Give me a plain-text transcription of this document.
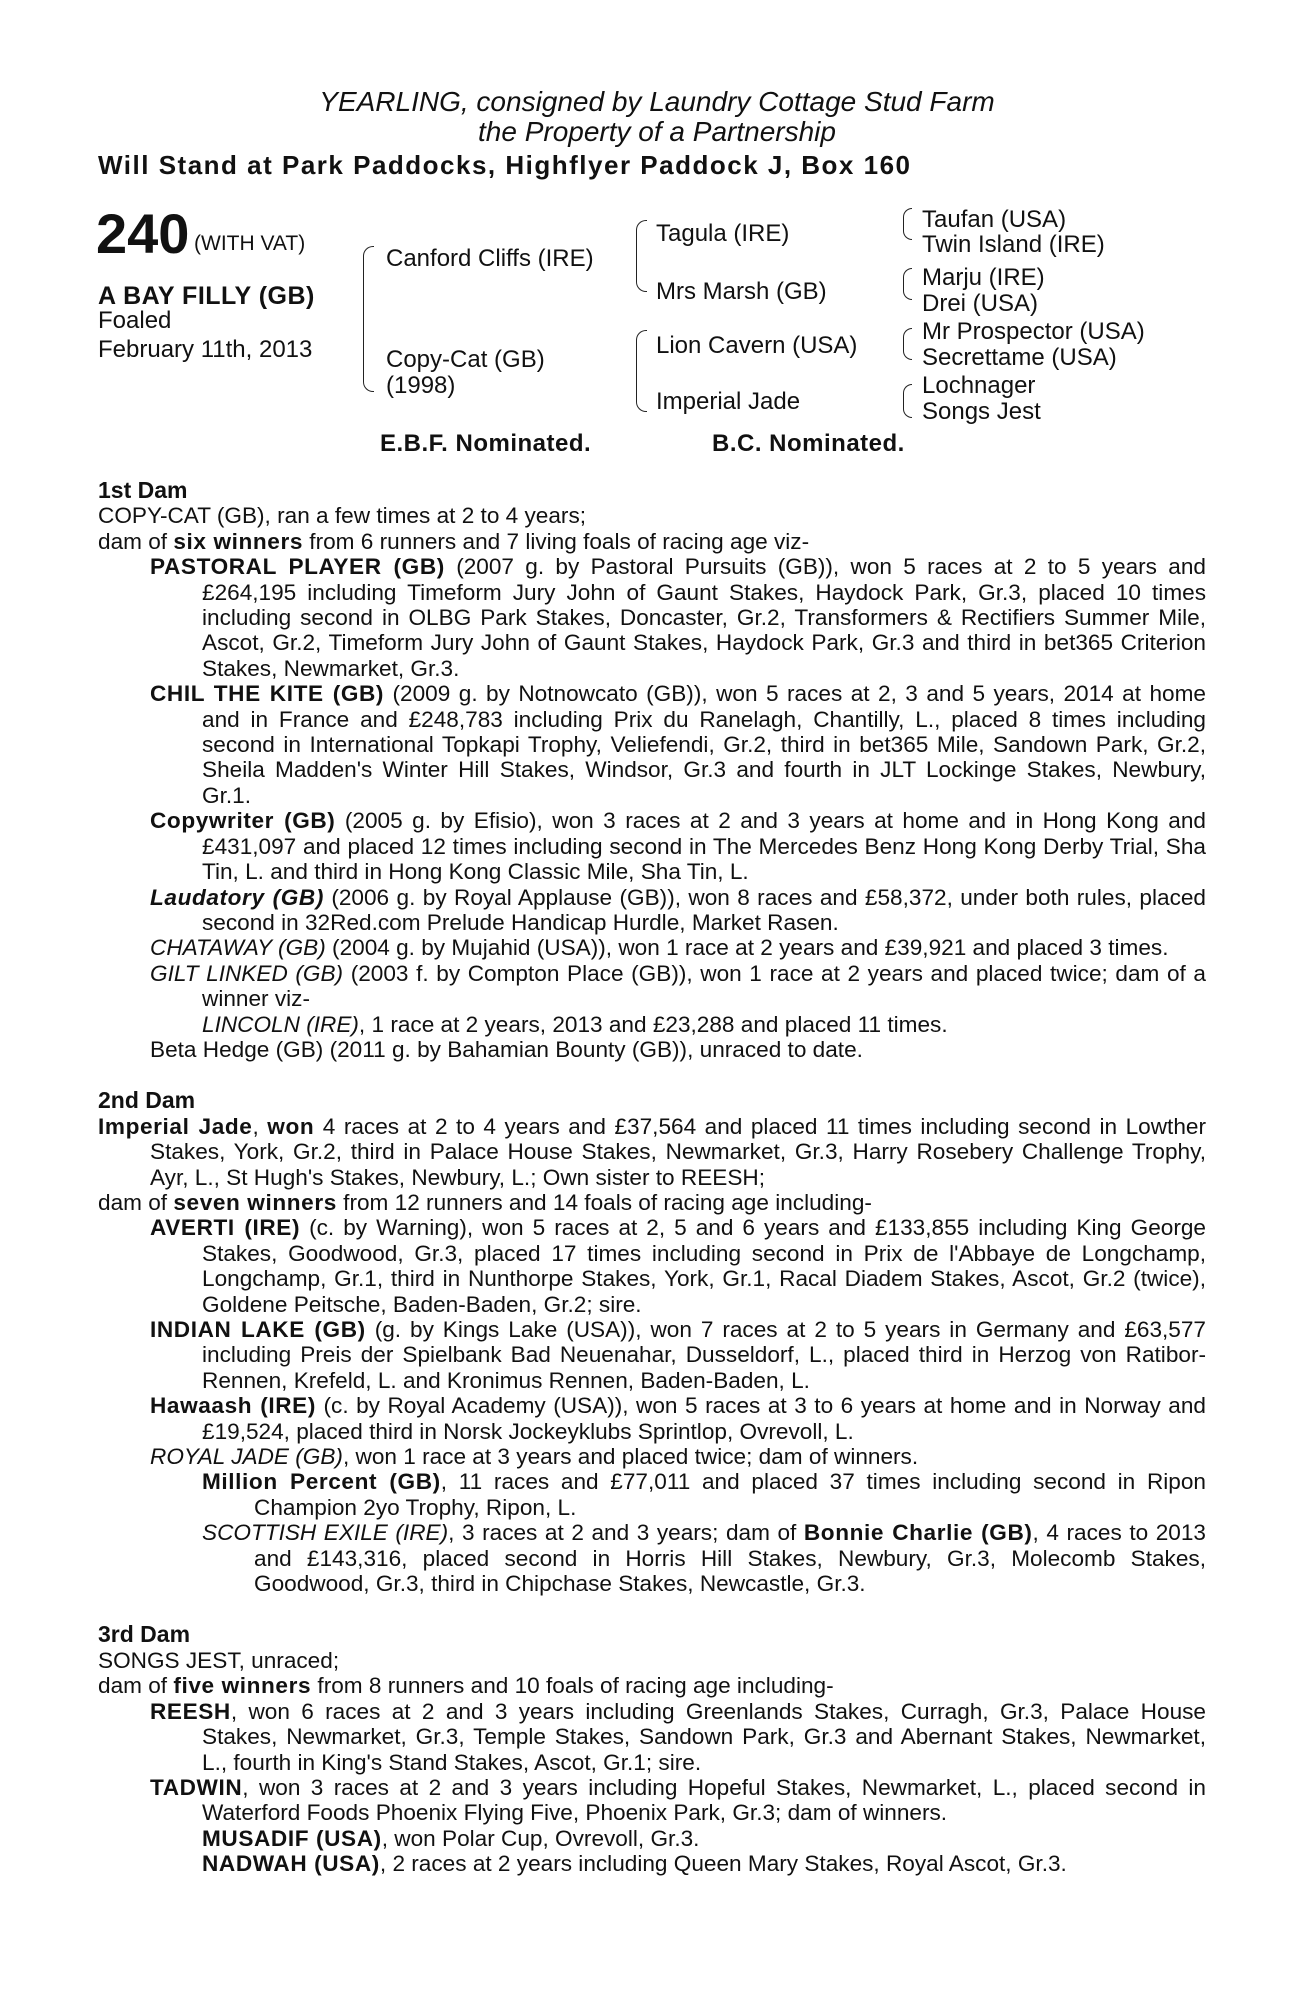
YEARLING, consigned by Laundry Cottage Stud Farm
the Property of a Partnership
Will Stand at Park Paddocks, Highflyer Paddock J, Box 160
240 (WITH VAT)
A BAY FILLY (GB)
Foaled
February 11th, 2013
Canford Cliffs (IRE)
Copy-Cat (GB)
(1998)
Tagula (IRE)
Mrs Marsh (GB)
Lion Cavern (USA)
Imperial Jade
Taufan (USA)
Twin Island (IRE)
Marju (IRE)
Drei (USA)
Mr Prospector (USA)
Secrettame (USA)
Lochnager
Songs Jest
E.B.F. Nominated.	B.C. Nominated.
1st Dam
COPY-CAT (GB), ran a few times at 2 to 4 years;
dam of six winners from 6 runners and 7 living foals of racing age viz-
PASTORAL PLAYER (GB) (2007 g. by Pastoral Pursuits (GB)), won 5 races at 2 to 5 years and £264,195 including Timeform Jury John of Gaunt Stakes, Haydock Park, Gr.3, placed 10 times including second in OLBG Park Stakes, Doncaster, Gr.2, Transformers & Rectifiers Summer Mile, Ascot, Gr.2, Timeform Jury John of Gaunt Stakes, Haydock Park, Gr.3 and third in bet365 Criterion Stakes, Newmarket, Gr.3.
CHIL THE KITE (GB) (2009 g. by Notnowcato (GB)), won 5 races at 2, 3 and 5 years, 2014 at home and in France and £248,783 including Prix du Ranelagh, Chantilly, L., placed 8 times including second in International Topkapi Trophy, Veliefendi, Gr.2, third in bet365 Mile, Sandown Park, Gr.2, Sheila Madden's Winter Hill Stakes, Windsor, Gr.3 and fourth in JLT Lockinge Stakes, Newbury, Gr.1.
Copywriter (GB) (2005 g. by Efisio), won 3 races at 2 and 3 years at home and in Hong Kong and £431,097 and placed 12 times including second in The Mercedes Benz Hong Kong Derby Trial, Sha Tin, L. and third in Hong Kong Classic Mile, Sha Tin, L.
Laudatory (GB) (2006 g. by Royal Applause (GB)), won 8 races and £58,372, under both rules, placed second in 32Red.com Prelude Handicap Hurdle, Market Rasen.
CHATAWAY (GB) (2004 g. by Mujahid (USA)), won 1 race at 2 years and £39,921 and placed 3 times.
GILT LINKED (GB) (2003 f. by Compton Place (GB)), won 1 race at 2 years and placed twice; dam of a winner viz-
LINCOLN (IRE), 1 race at 2 years, 2013 and £23,288 and placed 11 times.
Beta Hedge (GB) (2011 g. by Bahamian Bounty (GB)), unraced to date.
2nd Dam
Imperial Jade, won 4 races at 2 to 4 years and £37,564 and placed 11 times including second in Lowther Stakes, York, Gr.2, third in Palace House Stakes, Newmarket, Gr.3, Harry Rosebery Challenge Trophy, Ayr, L., St Hugh's Stakes, Newbury, L.; Own sister to REESH;
dam of seven winners from 12 runners and 14 foals of racing age including-
AVERTI (IRE) (c. by Warning), won 5 races at 2, 5 and 6 years and £133,855 including King George Stakes, Goodwood, Gr.3, placed 17 times including second in Prix de l'Abbaye de Longchamp, Longchamp, Gr.1, third in Nunthorpe Stakes, York, Gr.1, Racal Diadem Stakes, Ascot, Gr.2 (twice), Goldene Peitsche, Baden-Baden, Gr.2; sire.
INDIAN LAKE (GB) (g. by Kings Lake (USA)), won 7 races at 2 to 5 years in Germany and £63,577 including Preis der Spielbank Bad Neuenahar, Dusseldorf, L., placed third in Herzog von Ratibor-Rennen, Krefeld, L. and Kronimus Rennen, Baden-Baden, L.
Hawaash (IRE) (c. by Royal Academy (USA)), won 5 races at 3 to 6 years at home and in Norway and £19,524, placed third in Norsk Jockeyklubs Sprintlop, Ovrevoll, L.
ROYAL JADE (GB), won 1 race at 3 years and placed twice; dam of winners.
Million Percent (GB), 11 races and £77,011 and placed 37 times including second in Ripon Champion 2yo Trophy, Ripon, L.
SCOTTISH EXILE (IRE), 3 races at 2 and 3 years; dam of Bonnie Charlie (GB), 4 races to 2013 and £143,316, placed second in Horris Hill Stakes, Newbury, Gr.3, Molecomb Stakes, Goodwood, Gr.3, third in Chipchase Stakes, Newcastle, Gr.3.
3rd Dam
SONGS JEST, unraced;
dam of five winners from 8 runners and 10 foals of racing age including-
REESH, won 6 races at 2 and 3 years including Greenlands Stakes, Curragh, Gr.3, Palace House Stakes, Newmarket, Gr.3, Temple Stakes, Sandown Park, Gr.3 and Abernant Stakes, Newmarket, L., fourth in King's Stand Stakes, Ascot, Gr.1; sire.
TADWIN, won 3 races at 2 and 3 years including Hopeful Stakes, Newmarket, L., placed second in Waterford Foods Phoenix Flying Five, Phoenix Park, Gr.3; dam of winners.
MUSADIF (USA), won Polar Cup, Ovrevoll, Gr.3.
NADWAH (USA), 2 races at 2 years including Queen Mary Stakes, Royal Ascot, Gr.3.
